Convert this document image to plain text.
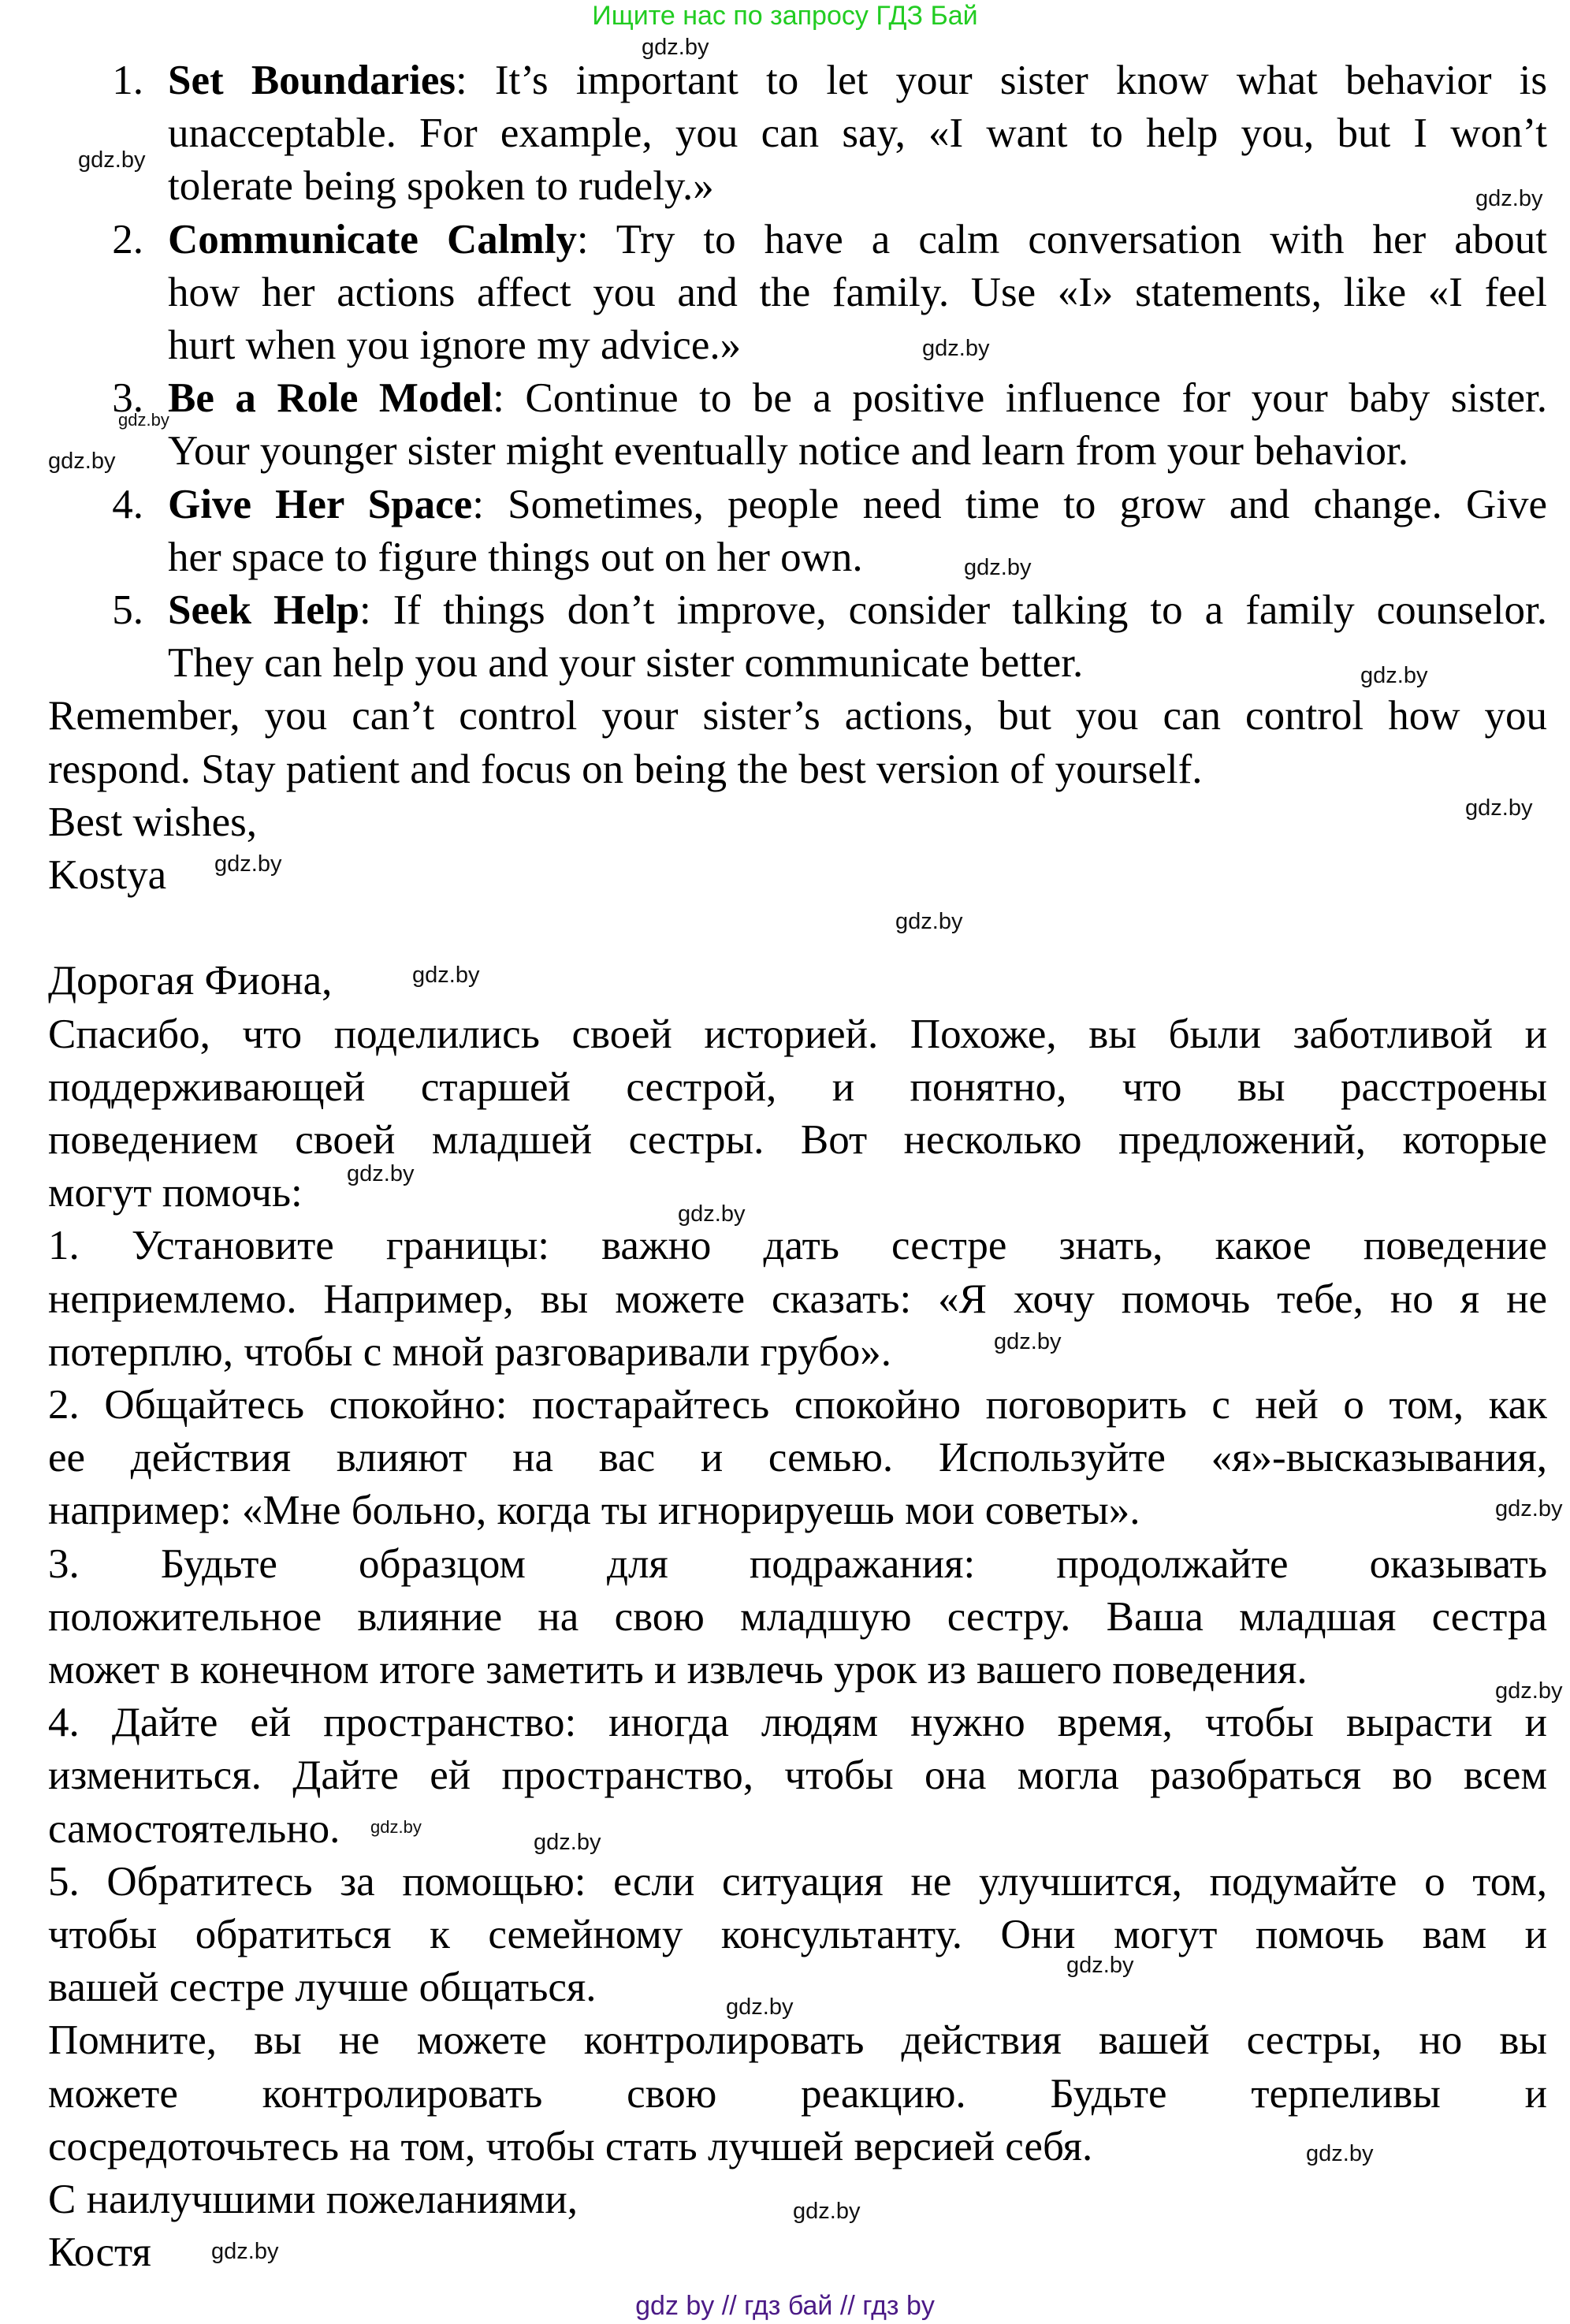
Ищите нас по запросу ГДЗ Бай
1. Set Boundaries: It’s important to let your sister know what behavior is
unacceptable. For example, you can say, «I want to help you, but I won’t
tolerate being spoken to rudely.»
2. Communicate Calmly: Try to have a calm conversation with her about
how her actions affect you and the family. Use «I» statements, like «I feel
hurt when you ignore my advice.»
3. Be a Role Model: Continue to be a positive influence for your baby sister.
Your younger sister might eventually notice and learn from your behavior.
4. Give Her Space: Sometimes, people need time to grow and change. Give
her space to figure things out on her own.
5. Seek Help: If things don’t improve, consider talking to a family counselor.
They can help you and your sister communicate better.
Remember, you can’t control your sister’s actions, but you can control how you
respond. Stay patient and focus on being the best version of yourself.
Best wishes,
Kostya
Дорогая Фиона,
Спасибо, что поделились своей историей. Похоже, вы были заботливой и
поддерживающей старшей сестрой, и понятно, что вы расстроены
поведением своей младшей сестры. Вот несколько предложений, которые
могут помочь:
1. Установите границы: важно дать сестре знать, какое поведение
неприемлемо. Например, вы можете сказать: «Я хочу помочь тебе, но я не
потерплю, чтобы с мной разговаривали грубо».
2. Общайтесь спокойно: постарайтесь спокойно поговорить с ней о том, как
ее действия влияют на вас и семью. Используйте «я»-высказывания,
например: «Мне больно, когда ты игнорируешь мои советы».
3. Будьте образцом для подражания: продолжайте оказывать
положительное влияние на свою младшую сестру. Ваша младшая сестра
может в конечном итоге заметить и извлечь урок из вашего поведения.
4. Дайте ей пространство: иногда людям нужно время, чтобы вырасти и
измениться. Дайте ей пространство, чтобы она могла разобраться во всем
самостоятельно.
5. Обратитесь за помощью: если ситуация не улучшится, подумайте о том,
чтобы обратиться к семейному консультанту. Они могут помочь вам и
вашей сестре лучше общаться.
Помните, вы не можете контролировать действия вашей сестры, но вы
можете контролировать свою реакцию. Будьте терпеливы и
сосредоточьтесь на том, чтобы стать лучшей версией себя.
С наилучшими пожеланиями,
Костя
gdz.by
gdz.by
gdz.by
gdz.by
gdz.by
gdz.by
gdz.by
gdz.by
gdz.by
gdz.by
gdz.by
gdz.by
gdz.by
gdz.by
gdz.by
gdz.by
gdz.by
gdz.by
gdz.by
gdz.by
gdz.by
gdz.by
gdz.by
gdz.by
gdz by // гдз бай // гдз by
